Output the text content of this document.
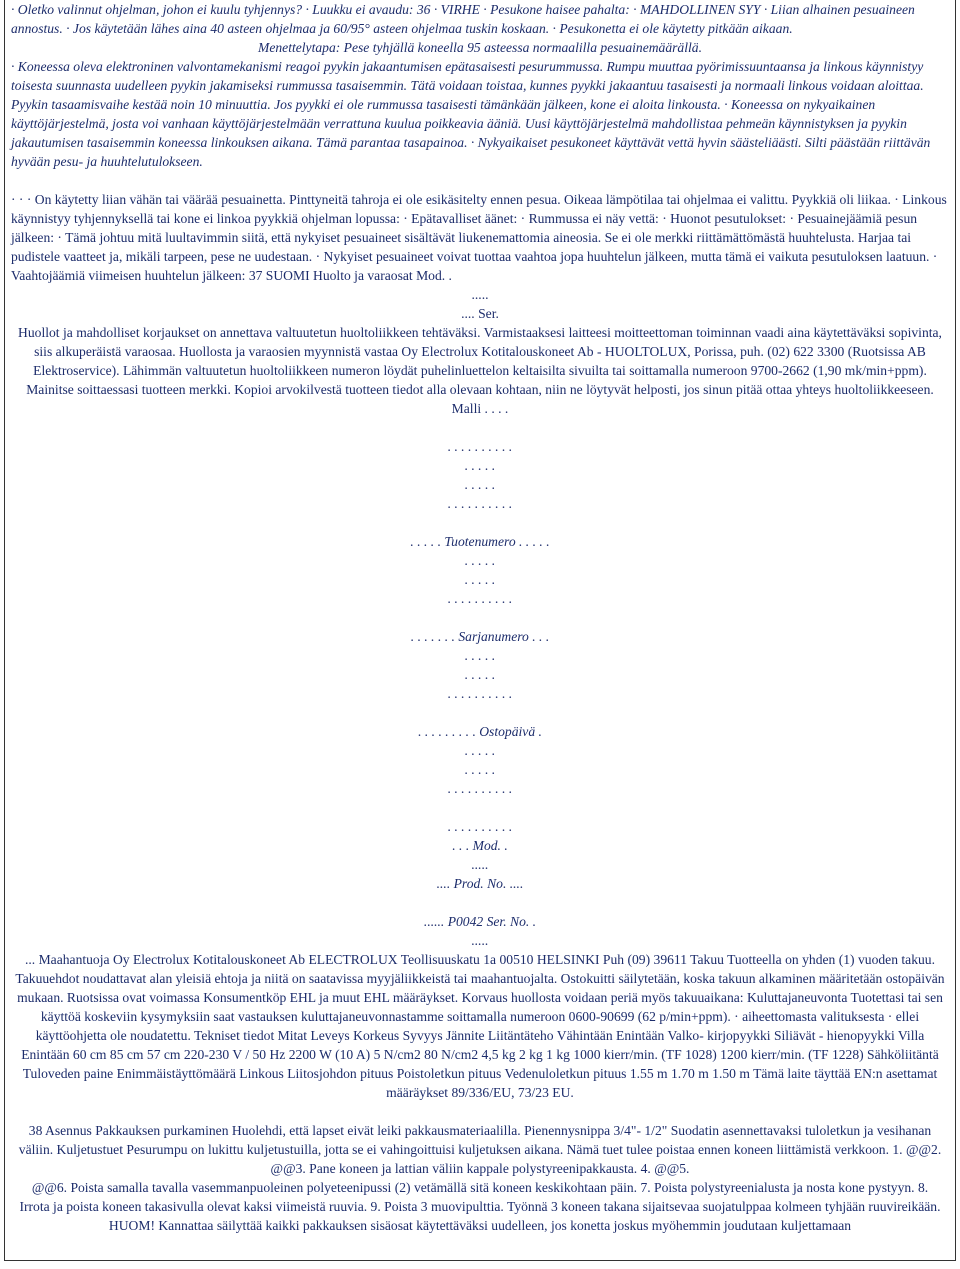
· Oletko valinnut ohjelman, johon ei kuulu tyhjennys? · Luukku ei avaudu: 36 · VIRHE · Pesukone haisee pahalta: · MAHDOLLINEN SYY · Liian alhainen pesuaineen annostus. · Jos käytetään lähes aina 40 asteen ohjelmaa ja 60/95° asteen ohjelmaa tuskin koskaan. · Pesukonetta ei ole käytetty pitkään aikaan.

Menettelytapa: Pese tyhjällä koneella 95 asteessa normaalilla pesuainemäärällä.

· Koneessa oleva elektroninen valvontamekanismi reagoi pyykin jakaantumisen epätasaisesti pesurummussa. Rumpu muuttaa pyörimissuuntaansa ja linkous käynnistyy toisesta suunnasta uudelleen pyykin jakamiseksi rummussa tasaisemmin. Tätä voidaan toistaa, kunnes pyykki jakaantuu tasaisesti ja normaali linkous voidaan aloittaa. Pyykin tasaamisvaihe kestää noin 10 minuuttia. Jos pyykki ei ole rummussa tasaisesti tämänkään jälkeen, kone ei aloita linkousta. · Koneessa on nykyaikainen käyttöjärjestelmä, josta voi vanhaan käyttöjärjestelmään verrattuna kuulua poikkeavia ääniä. Uusi käyttöjärjestelmä mahdollistaa pehmeän käynnistyksen ja pyykin jakautumisen tasaisemmin koneessa linkouksen aikana. Tämä parantaa tasapainoa. · Nykyaikaiset pesukoneet käyttävät vettä hyvin säästeliäästi. Silti päästään riittävän hyvään pesu- ja huuhtelutulokseen.

· · · On käytetty liian vähän tai väärää pesuainetta. Pinttyneitä tahroja ei ole esikäsitelty ennen pesua. Oikeaa lämpötilaa tai ohjelmaa ei valittu. Pyykkiä oli liikaa. · Linkous käynnistyy tyhjennyksellä tai kone ei linkoa pyykkiä ohjelman lopussa: · Epätavalliset äänet: · Rummussa ei näy vettä: · Huonot pesutulokset: · Pesuainejäämiä pesun jälkeen: · Tämä johtuu mitä luultavimmin siitä, että nykyiset pesuaineet sisältävät liukenemattomia aineosia. Se ei ole merkki riittämättömästä huuhtelusta. Harjaa tai pudistele vaatteet ja, mikäli tarpeen, pese ne uudestaan. · Nykyiset pesuaineet voivat tuottaa vaahtoa jopa huuhtelun jälkeen, mutta tämä ei vaikuta pesutuloksen laatuun. · Vaahtojäämiä viimeisen huuhtelun jälkeen: 37 SUOMI Huolto ja varaosat Mod. .

.....

.... Ser.

Huollot ja mahdolliset korjaukset on annettava valtuutetun huoltoliikkeen tehtäväksi. Varmistaaksesi laitteesi moitteettoman toiminnan vaadi aina käytettäväksi sopivinta, siis alkuperäistä varaosaa. Huollosta ja varaosien myynnistä vastaa Oy Electrolux Kotitalouskoneet Ab - HUOLTOLUX, Porissa, puh. (02) 622 3300 (Ruotsissa AB Elektroservice). Lähimmän valtuutetun huoltoliikkeen numeron löydät puhelinluettelon keltaisilta sivuilta tai soittamalla numeroon 9700-2662 (1,90 mk/min+ppm). Mainitse soittaessasi tuotteen merkki. Kopioi arvokilvestä tuotteen tiedot alla olevaan kohtaan, niin ne löytyvät helposti, jos sinun pitää ottaa yhteys huoltoliikkeeseen. Malli . . . .

. . . . . . . . . .

. . . . .

. . . . .

. . . . . . . . . .

. . . . . Tuotenumero . . . . .

. . . . .

. . . . .

. . . . . . . . . .

. . . . . . . Sarjanumero . . .

. . . . .

. . . . .

. . . . . . . . . .

. . . . . . . . . Ostopäivä .

. . . . .

. . . . .

. . . . . . . . . .

. . . . . . . . . .

. . . Mod. .

.....

.... Prod. No. ....

...... P0042 Ser. No. .

.....

... Maahantuoja Oy Electrolux Kotitalouskoneet Ab ELECTROLUX Teollisuuskatu 1a 00510 HELSINKI Puh (09) 39611 Takuu Tuotteella on yhden (1) vuoden takuu. Takuuehdot noudattavat alan yleisiä ehtoja ja niitä on saatavissa myyjäliikkeistä tai maahantuojalta. Ostokuitti säilytetään, koska takuun alkaminen määritetään ostopäivän mukaan. Ruotsissa ovat voimassa Konsumentköp EHL ja muut EHL määräykset. Korvaus huollosta voidaan periä myös takuuaikana: Kuluttajaneuvonta Tuotettasi tai sen käyttöä koskeviin kysymyksiin saat vastauksen kuluttajaneuvonnastamme soittamalla numeroon 0600-90699 (62 p/min+ppm). · aiheettomasta valituksesta · ellei käyttöohjetta ole noudatettu. Tekniset tiedot Mitat Leveys Korkeus Syvyys Jännite Liitäntäteho Vähintään Enintään Valko- kirjopyykki Siliävät - hienopyykki Villa Enintään 60 cm 85 cm 57 cm 220-230 V / 50 Hz 2200 W (10 A) 5 N/cm2 80 N/cm2 4,5 kg 2 kg 1 kg 1000 kierr/min. (TF 1028) 1200 kierr/min. (TF 1228) Sähköliitäntä Tuloveden paine Enimmäistäyttömäärä Linkous Liitosjohdon pituus Poistoletkun pituus Vedenuloletkun pituus 1.55 m 1.70 m 1.50 m Tämä laite täyttää EN:n asettamat määräykset 89/336/EU, 73/23 EU.

38 Asennus Pakkauksen purkaminen Huolehdi, että lapset eivät leiki pakkausmateriaalilla. Pienennysnippa 3/4"- 1/2" Suodatin asennettavaksi tuloletkun ja vesihanan väliin. Kuljetustuet Pesurumpu on lukittu kuljetustuilla, jotta se ei vahingoittuisi kuljetuksen aikana. Nämä tuet tulee poistaa ennen koneen liittämistä verkkoon. 1. @@2. @@3. Pane koneen ja lattian väliin kappale polystyreenipakkausta. 4. @@5.

@@6. Poista samalla tavalla vasemmanpuoleinen polyeteenipussi (2) vetämällä sitä koneen keskikohtaan päin. 7. Poista polystyreenialusta ja nosta kone pystyyn. 8.

Irrota ja poista koneen takasivulla olevat kaksi viimeistä ruuvia. 9. Poista 3 muovipulttia. Työnnä 3 koneen takana sijaitsevaa suojatulppaa kolmeen tyhjään ruuvireikään. HUOM! Kannattaa säilyttää kaikki pakkauksen sisäosat käytettäväksi uudelleen, jos konetta joskus myöhemmin joudutaan kuljettamaan
